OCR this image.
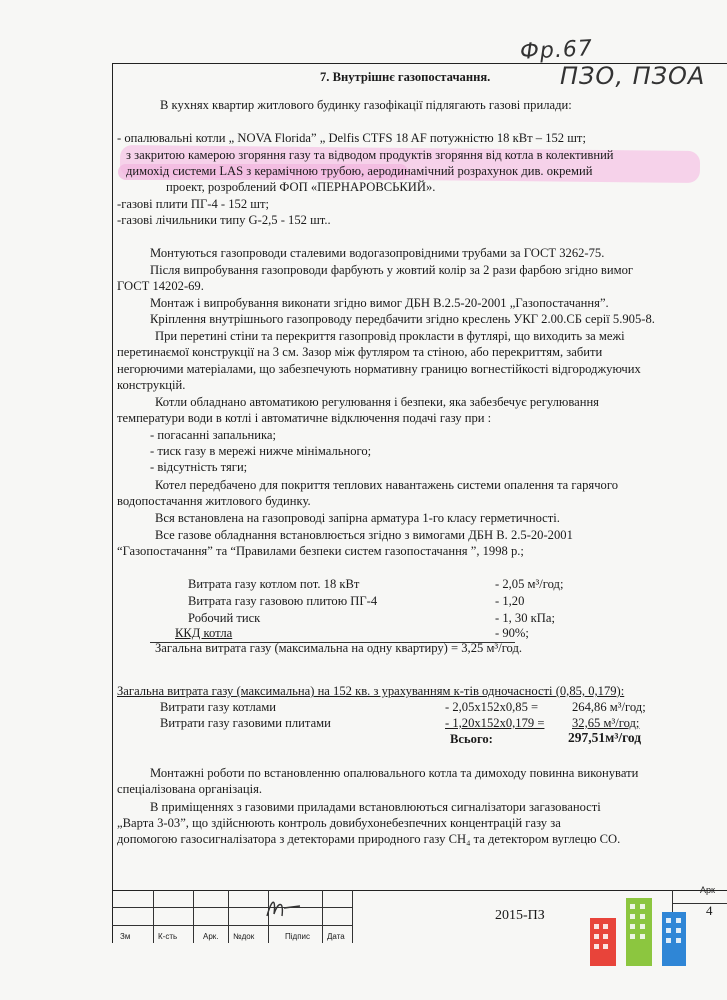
Фр.67
ПЗО, ПЗОА
7. Внутрішнє газопостачання.
В кухнях квартир житлового будинку газофікації підлягають газові прилади:
- опалювальні котли „ NOVA Florida” „ Delfis CTFS 18 AF потужністю 18 кВт – 152 шт;
з закритою камерою згоряння газу та відводом продуктів згоряння від котла в колективний
димохід системи LAS з керамічною трубою, аеродинамічний розрахунок див. окремий
проект, розроблений ФОП «ПЕРНАРОВСЬКИЙ».
-газові плити ПГ-4 - 152 шт;
-газові лічильники типу G-2,5 - 152 шт..
Монтуються газопроводи сталевими водогазопровідними трубами за ГОСТ 3262-75.
Після випробування газопроводи фарбують у жовтий колір за 2 рази фарбою згідно вимог
ГОСТ 14202-69.
Монтаж і випробування виконати згідно вимог ДБН В.2.5-20-2001 „Газопостачання”.
Кріплення внутрішнього газопроводу передбачити згідно креслень УКГ 2.00.СБ серії 5.905-8.
При перетині стіни та перекриття газопровід прокласти в футлярі, що виходить за межі
перетинаємої конструкції на 3 см. Зазор між футляром та стіною, або перекриттям, забити
негорючими матеріалами, що забезпечують нормативну границю вогнестійкості відгороджуючих
конструкцій.
Котли обладнано автоматикою регулювання і безпеки, яка забезбечує регулювання
температури води в котлі і автоматичне відключення подачі газу при :
- погасанні запальника;
- тиск газу в мережі нижче мінімального;
- відсутність тяги;
Котел передбачено для покриття теплових навантажень системи опалення та гарячого
водопостачання житлового будинку.
Вся встановлена на газопроводі запірна арматура 1-го класу герметичності.
Все газове обладнання встановлюється згідно з вимогами ДБН В. 2.5-20-2001
“Газопостачання” та “Правилами безпеки систем газопостачання ”, 1998 р.;
Витрата газу котлом пот. 18 кВт	- 2,05 м³/год;
Витрата газу газовою плитою ПГ-4	- 1,20
Робочий тиск	- 1, 30 кПа;
ККД котла	- 90%;
Загальна витрата газу (максимальна на одну квартиру) = 3,25 м³/год.
Загальна витрата газу (максимальна) на 152 кв. з урахуванням к-тів одночасності (0,85, 0,179):
Витрати газу котлами	- 2,05х152х0,85 =	264,86 м³/год;
Витрати газу газовими плитами	- 1,20х152х0,179 =	32,65 м³/год;
Всього:	297,51м³/год
Монтажні роботи по встановленню опалювального котла та димоходу повинна виконувати
спеціалізована організація.
В приміщеннях з газовими приладами встановлюються сигналізатори загазованості
„Варта 3-03”, що здійснюють контроль довибухонебезпечних концентрацій газу за
допомогою газосигналізатора з детекторами природного газу СН₄ та детектором вуглецю СО.
Зм	К-сть	Арк. №док	Підпис Дата
2015-ПЗ
Арк
4
